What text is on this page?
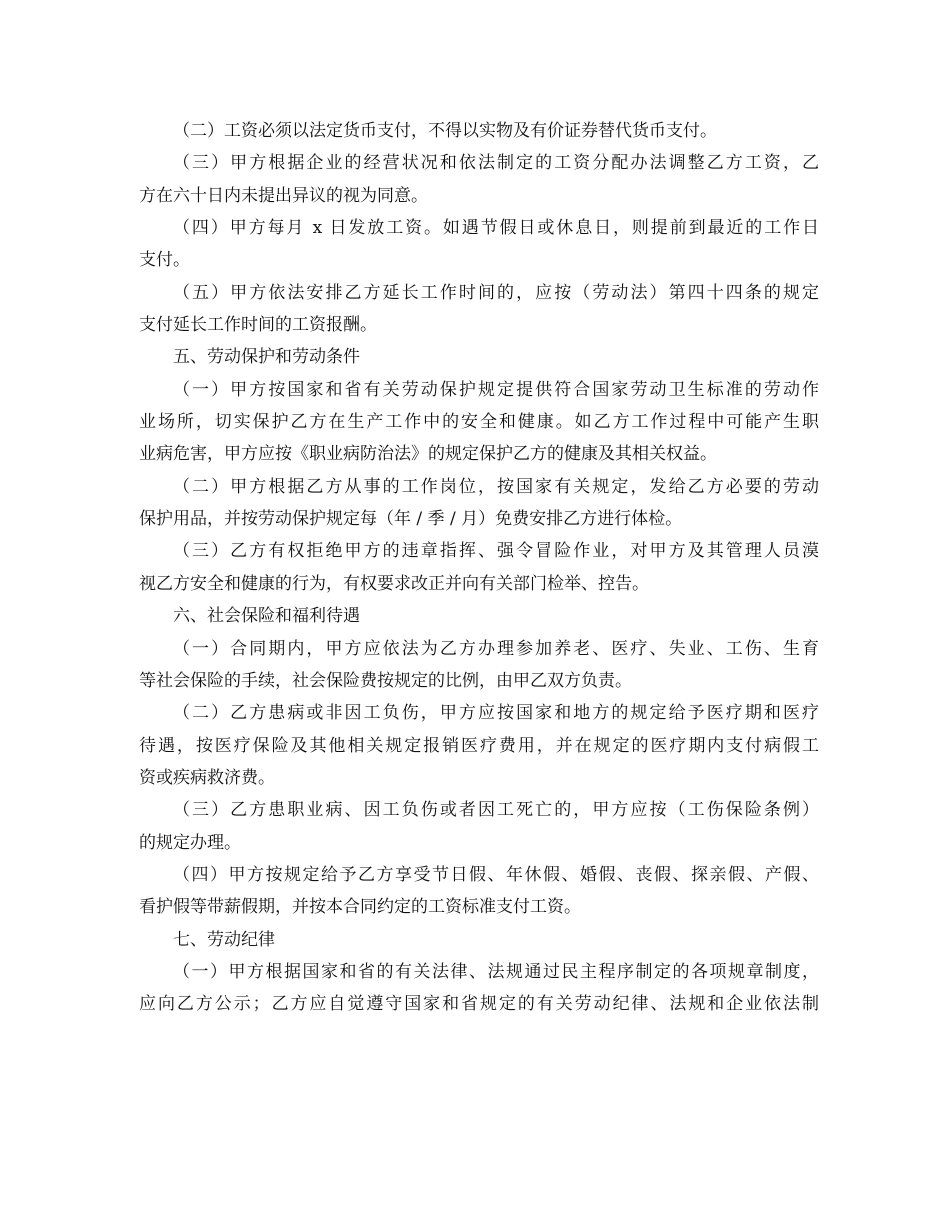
（二）工资必须以法定货币支付，不得以实物及有价证券替代货币支付。
（三）甲方根据企业的经营状况和依法制定的工资分配办法调整乙方工资，乙
方在六十日内未提出异议的视为同意。
（四）甲方每月 x 日发放工资。如遇节假日或休息日，则提前到最近的工作日
支付。
（五）甲方依法安排乙方延长工作时间的，应按（劳动法）第四十四条的规定
支付延长工作时间的工资报酬。
五、劳动保护和劳动条件
（一）甲方按国家和省有关劳动保护规定提供符合国家劳动卫生标准的劳动作
业场所，切实保护乙方在生产工作中的安全和健康。如乙方工作过程中可能产生职
业病危害，甲方应按《职业病防治法》的规定保护乙方的健康及其相关权益。
（二）甲方根据乙方从事的工作岗位，按国家有关规定，发给乙方必要的劳动
保护用品，并按劳动保护规定每（年 / 季 / 月）免费安排乙方进行体检。
（三）乙方有权拒绝甲方的违章指挥、强令冒险作业，对甲方及其管理人员漠
视乙方安全和健康的行为，有权要求改正并向有关部门检举、控告。
六、社会保险和福利待遇
（一）合同期内，甲方应依法为乙方办理参加养老、医疗、失业、工伤、生育
等社会保险的手续，社会保险费按规定的比例，由甲乙双方负责。
（二）乙方患病或非因工负伤，甲方应按国家和地方的规定给予医疗期和医疗
待遇，按医疗保险及其他相关规定报销医疗费用，并在规定的医疗期内支付病假工
资或疾病救济费。
（三）乙方患职业病、因工负伤或者因工死亡的，甲方应按（工伤保险条例）
的规定办理。
（四）甲方按规定给予乙方享受节日假、年休假、婚假、丧假、探亲假、产假、
看护假等带薪假期，并按本合同约定的工资标准支付工资。
七、劳动纪律
（一）甲方根据国家和省的有关法律、法规通过民主程序制定的各项规章制度，
应向乙方公示；乙方应自觉遵守国家和省规定的有关劳动纪律、法规和企业依法制
